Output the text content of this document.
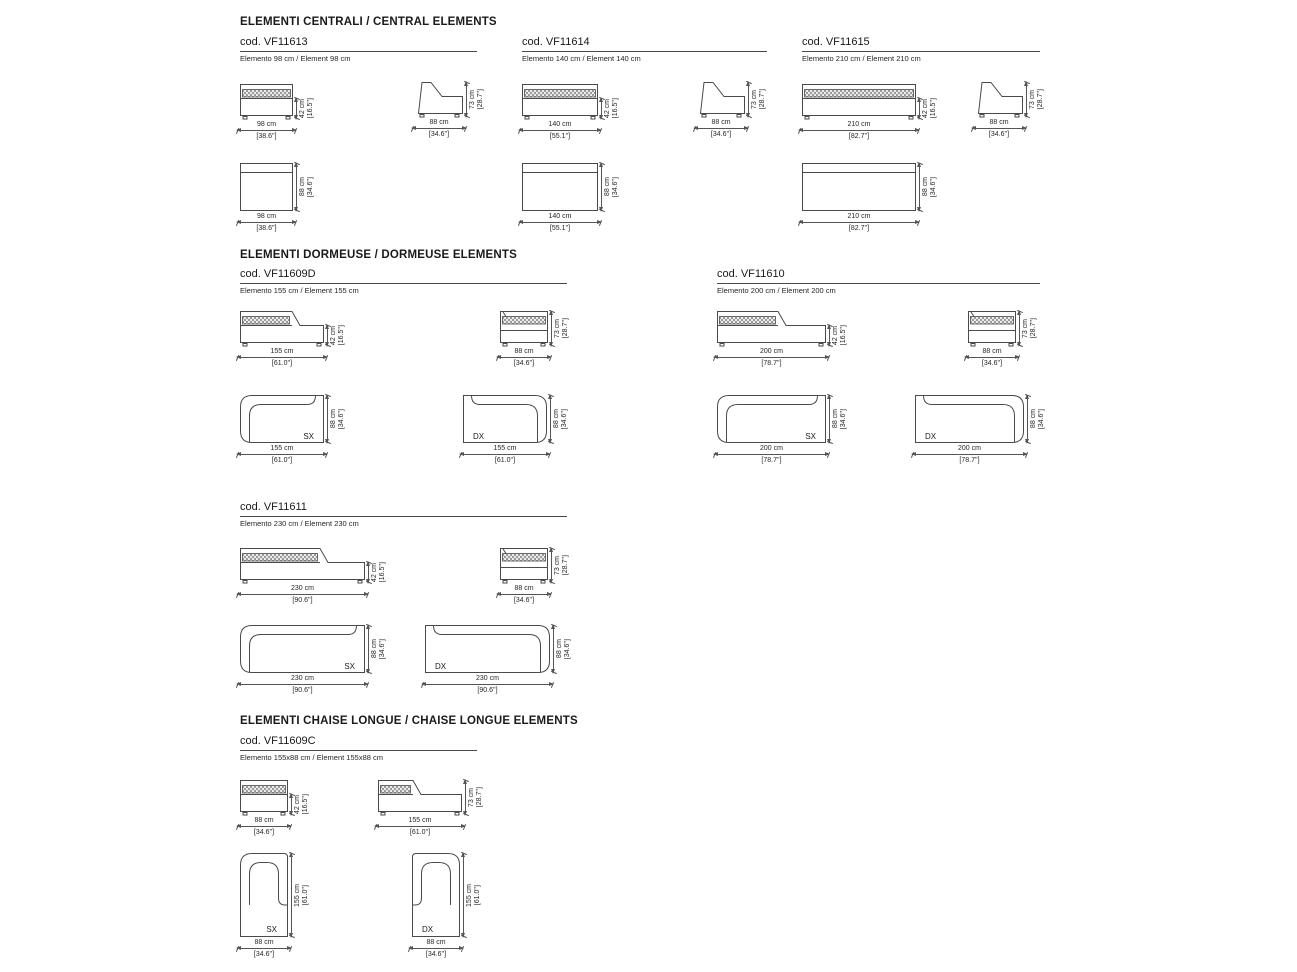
ELEMENTI CENTRALI / CENTRAL ELEMENTS
cod. VF11613
Elemento 98 cm / Element 98 cm
cod. VF11614
Elemento 140 cm / Element 140 cm
cod. VF11615
Elemento 210 cm / Element 210 cm
ELEMENTI DORMEUSE / DORMEUSE ELEMENTS
cod. VF11609D
Elemento 155 cm / Element 155 cm
cod. VF11610
Elemento 200 cm / Element 200 cm
cod. VF11611
Elemento 230 cm / Element 230 cm
ELEMENTI CHAISE LONGUE / CHAISE LONGUE ELEMENTS
cod. VF11609C
Elemento 155x88 cm / Element 155x88 cm
98 cm
[38.6'']
42 cm [16.5'']
88 cm
[34.6'']
73 cm [28.7'']
140 cm
[55.1'']
42 cm [16.5'']
88 cm
[34.6'']
73 cm [28.7'']
210 cm
[82.7'']
42 cm [16.5'']
88 cm
[34.6'']
73 cm [28.7'']
98 cm
[38.6'']
88 cm [34.6'']
140 cm
[55.1'']
88 cm [34.6'']
210 cm
[82.7'']
88 cm [34.6'']
155 cm
[61.0'']
42 cm [16.5'']
88 cm
[34.6'']
73 cm [28.7'']
200 cm
[78.7'']
42 cm [16.5'']
88 cm
[34.6'']
73 cm [28.7'']
SX
155 cm
[61.0'']
88 cm [34.6'']
DX
155 cm
[61.0'']
88 cm [34.6'']
SX
200 cm
[78.7'']
88 cm [34.6'']
DX
200 cm
[78.7'']
88 cm [34.6'']
230 cm
[90.6'']
42 cm [16.5'']
88 cm
[34.6'']
73 cm [28.7'']
SX
230 cm
[90.6'']
88 cm [34.6'']
DX
230 cm
[90.6'']
88 cm [34.6'']
88 cm
[34.6'']
42 cm [16.5'']
155 cm
[61.0'']
73 cm [28.7'']
SX
88 cm
[34.6'']
155 cm [61.0'']
DX
88 cm
[34.6'']
155 cm [61.0'']
